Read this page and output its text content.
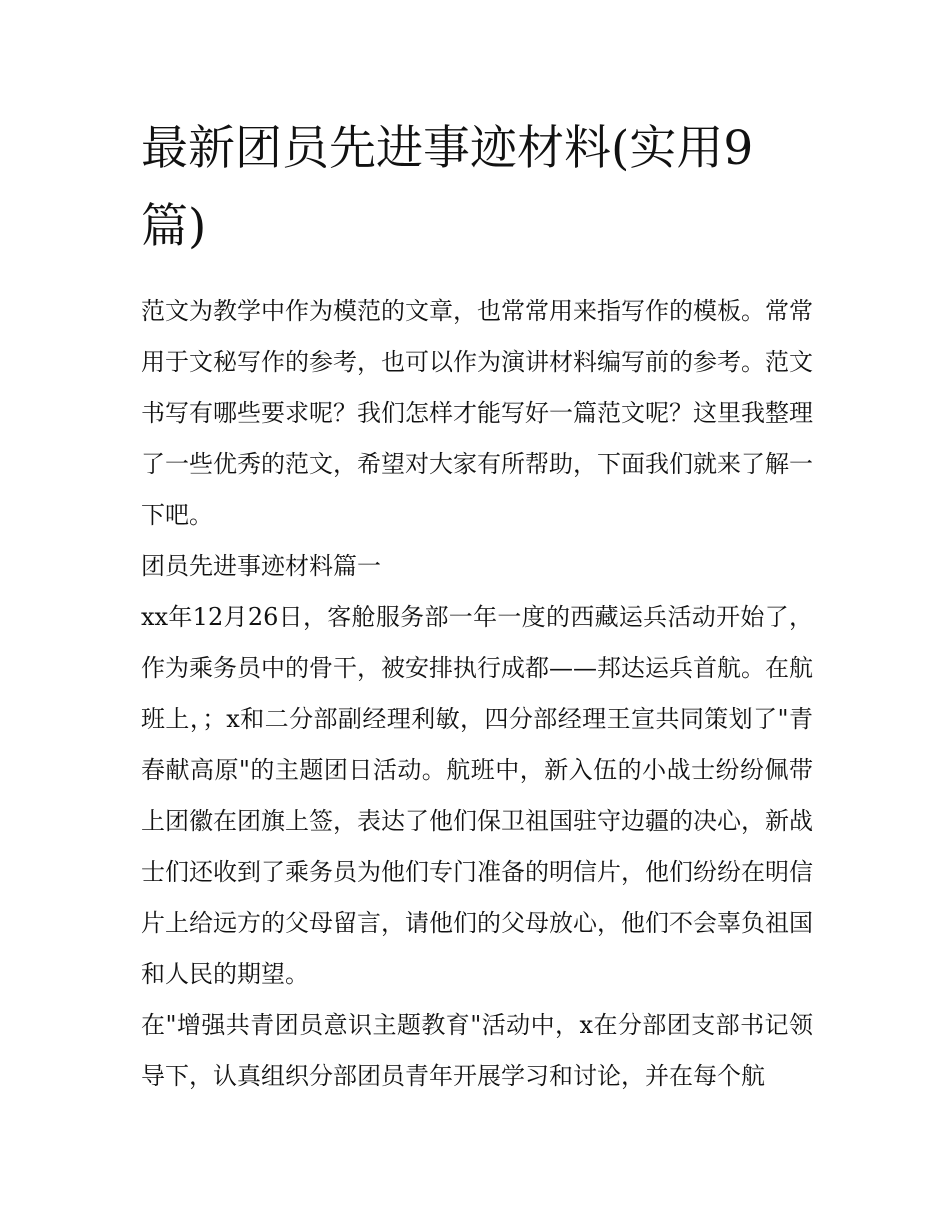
最新团员先进事迹材料(实用9篇)

范文为教学中作为模范的文章，也常常用来指写作的模板。常常用于文秘写作的参考，也可以作为演讲材料编写前的参考。范文书写有哪些要求呢？我们怎样才能写好一篇范文呢？这里我整理了一些优秀的范文，希望对大家有所帮助，下面我们就来了解一下吧。

团员先进事迹材料篇一

xx年12月26日，客舱服务部一年一度的西藏运兵活动开始了，作为乘务员中的骨干，被安排执行成都——邦达运兵首航。在航班上，；x和二分部副经理利敏，四分部经理王宣共同策划了"青春献高原"的主题团日活动。航班中，新入伍的小战士纷纷佩带上团徽在团旗上签，表达了他们保卫祖国驻守边疆的决心，新战士们还收到了乘务员为他们专门准备的明信片，他们纷纷在明信片上给远方的父母留言，请他们的父母放心，他们不会辜负祖国和人民的期望。

在"增强共青团员意识主题教育"活动中，x在分部团支部书记领导下，认真组织分部团员青年开展学习和讨论，并在每个航
